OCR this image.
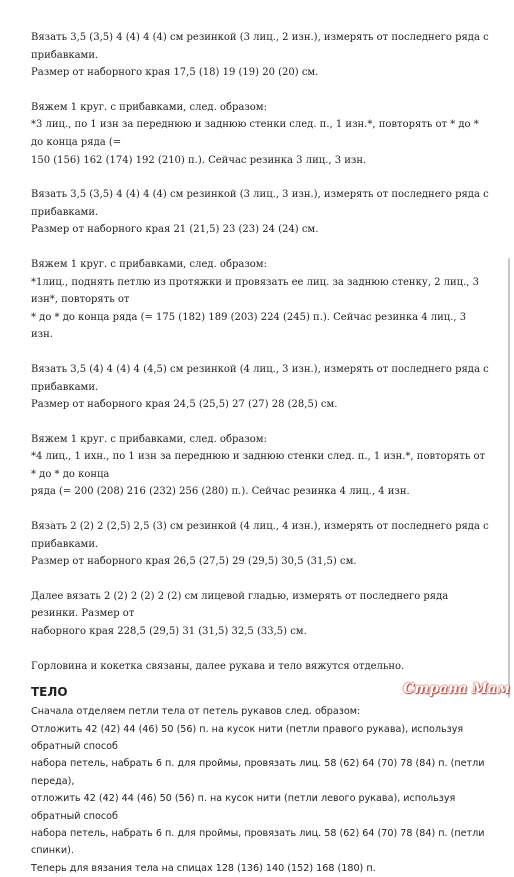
Вязать 3,5 (3,5) 4 (4) 4 (4) см резинкой (3 лиц., 2 изн.), измерять от последнего ряда с прибавками.

Размер от наборного края 17,5 (18) 19 (19) 20 (20) см.

Вяжем 1 круг. с прибавками, след. образом:

*3 лиц., по 1 изн за переднюю и заднюю стенки след. п., 1 изн.*, повторять от * до * до конца ряда (=

150 (156) 162 (174) 192 (210) п.). Сейчас резинка 3 лиц., 3 изн.

Вязать 3,5 (3,5) 4 (4) 4 (4) см резинкой (3 лиц., 3 изн.), измерять от последнего ряда с прибавками.

Размер от наборного края 21 (21,5) 23 (23) 24 (24) см.

Вяжем 1 круг. с прибавками, след. образом:

*1лиц., поднять петлю из протяжки и провязать ее лиц. за заднюю стенку, 2 лиц., 3 изн*, повторять от

* до * до конца ряда (= 175 (182) 189 (203) 224 (245) п.). Сейчас резинка 4 лиц., 3 изн.

Вязать 3,5 (4) 4 (4) 4 (4,5) см резинкой (4 лиц., 3 изн.), измерять от последнего ряда с прибавками.

Размер от наборного края 24,5 (25,5) 27 (27) 28 (28,5) см.

Вяжем 1 круг. с прибавками, след. образом:

*4 лиц., 1 ихн., по 1 изн за переднюю и заднюю стенки след. п., 1 изн.*, повторять от * до * до конца

ряда (= 200 (208) 216 (232) 256 (280) п.). Сейчас резинка 4 лиц., 4 изн.

Вязать 2 (2) 2 (2,5) 2,5 (3) см резинкой (4 лиц., 4 изн.), измерять от последнего ряда с прибавками.

Размер от наборного края 26,5 (27,5) 29 (29,5) 30,5 (31,5) см.

Далее вязать 2 (2) 2 (2) 2 (2) см лицевой гладью, измерять от последнего ряда резинки. Размер от

наборного края 228,5 (29,5) 31 (31,5) 32,5 (33,5) см.

Горловина и кокетка связаны, далее рукава и тело вяжутся отдельно.

ТЕЛО

Сначала отделяем петли тела от петель рукавов след. образом:

Отложить 42 (42) 44 (46) 50 (56) п. на кусок нити (петли правого рукава), используя обратный способ

набора петель, набрать 6 п. для проймы, провязать лиц. 58 (62) 64 (70) 78 (84) п. (петли переда),

отложить 42 (42) 44 (46) 50 (56) п. на кусок нити (петли левого рукава), используя обратный способ

набора петель, набрать 6 п. для проймы, провязать лиц. 58 (62) 64 (70) 78 (84) п. (петли спинки).

Теперь для вязания тела на спицах 128 (136) 140 (152) 168 (180) п.

Страна Мам
